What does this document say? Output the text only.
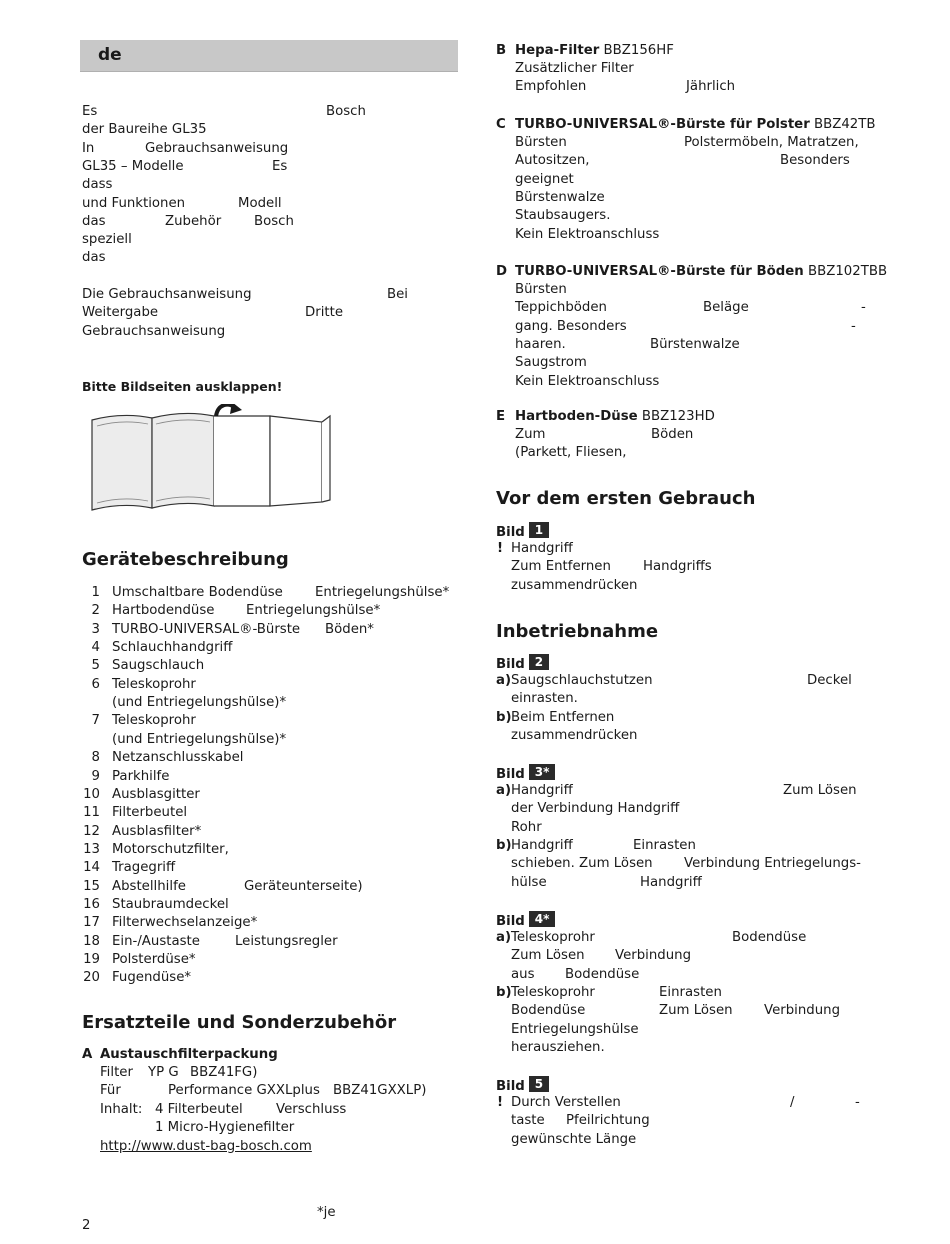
de
Es	Bosch
der Baureihe GL35
In	Gebrauchsanweisung
GL35 – Modelle	Es
dass
und Funktionen	Modell
das	Zubehör Bosch
speziell
das
Die Gebrauchsanweisung	Bei
Weitergabe	Dritte
Gebrauchsanweisung
Bitte Bildseiten ausklappen!
Gerätebeschreibung
1 Umschaltbare Bodendüse Entriegelungshülse*
2 Hartbodendüse Entriegelungshülse*
3 TURBO-UNIVERSAL®-Bürste Böden*
4 Schlauchhandgriff
5 Saugschlauch
6 Teleskoprohr
(und Entriegelungshülse)*
7 Teleskoprohr
(und Entriegelungshülse)*
8 Netzanschlusskabel
9 Parkhilfe
10 Ausblasgitter
11 Filterbeutel
12 Ausblasfilter*
13 Motorschutzfilter,
14 Tragegriff
15 Abstellhilfe	Geräteunterseite)
16 Staubraumdeckel
17 Filterwechselanzeige*
18 Ein-/Austaste	Leistungsregler
19 Polsterdüse*
20 Fugendüse*
Ersatzteile und Sonderzubehör
A Austauschfilterpackung
Filter YP G BBZ41FG)
Für	Performance GXXLplus BBZ41GXXLP)
Inhalt: 4 Filterbeutel Verschluss
1 Micro-Hygienefilter
http://www.dust-bag-bosch.com
2
*je
B Hepa-Filter BBZ156HF
Zusätzlicher Filter
Empfohlen	Jährlich
C TURBO-UNIVERSAL®-Bürste für Polster BBZ42TB
Bürsten	Polstermöbeln, Matratzen,
Autositzen,	Besonders
geeignet
Bürstenwalze
Staubsaugers.
Kein Elektroanschluss
D TURBO-UNIVERSAL®-Bürste für Böden BBZ102TBB
Bürsten
Teppichböden	Beläge	-
gang. Besonders	-
haaren.	Bürstenwalze
Saugstrom
Kein Elektroanschluss
E Hartboden-Düse BBZ123HD
Zum	Böden
(Parkett, Fliesen,
Vor dem ersten Gebrauch
Inbetriebnahme
Bild 1
! Handgriff
Zum Entfernen Handgriffs
zusammendrücken
Bild 2
a) Saugschlauchstutzen	Deckel
einrasten.
b) Beim Entfernen
zusammendrücken
Bild 3*
a) Handgriff	Zum Lösen
der Verbindung Handgriff
Rohr
b) Handgriff	Einrasten
schieben. Zum Lösen Verbindung Entriegelungs-
hülse	Handgriff
Bild 4*
a) Teleskoprohr	Bodendüse
Zum Lösen Verbindung
aus Bodendüse
b) Teleskoprohr	Einrasten
Bodendüse	Zum Lösen Verbindung
Entriegelungshülse
herausziehen.
Bild 5
! Durch Verstellen	/	-
taste Pfeilrichtung
gewünschte Länge
